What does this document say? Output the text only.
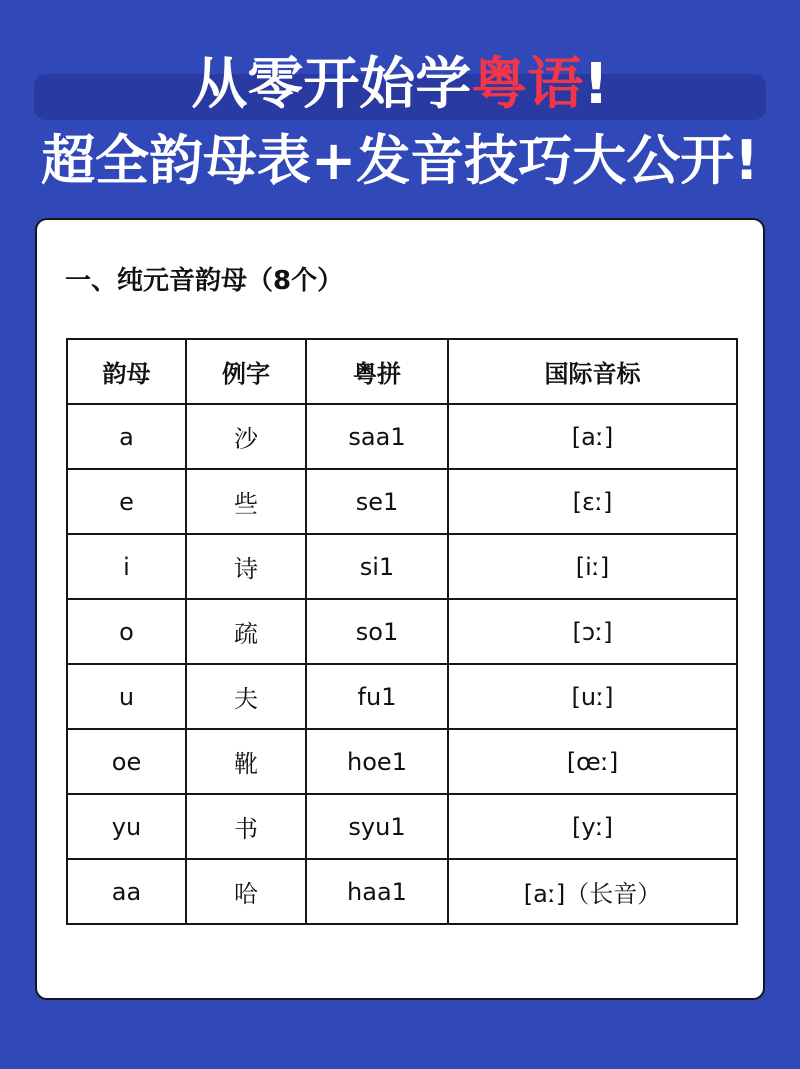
从零开始学粤语!
超全韵母表+发音技巧大公开!
一、纯元音韵母（8个）
韵母	例字	粤拼	国际音标
a	沙	saa1	[aː]
e	些	se1	[ɛː]
i	诗	si1	[iː]
o	疏	so1	[ɔː]
u	夫	fu1	[uː]
oe	靴	hoe1	[œː]
yu	书	syu1	[yː]
aa	哈	haa1	[aː]（长音）
